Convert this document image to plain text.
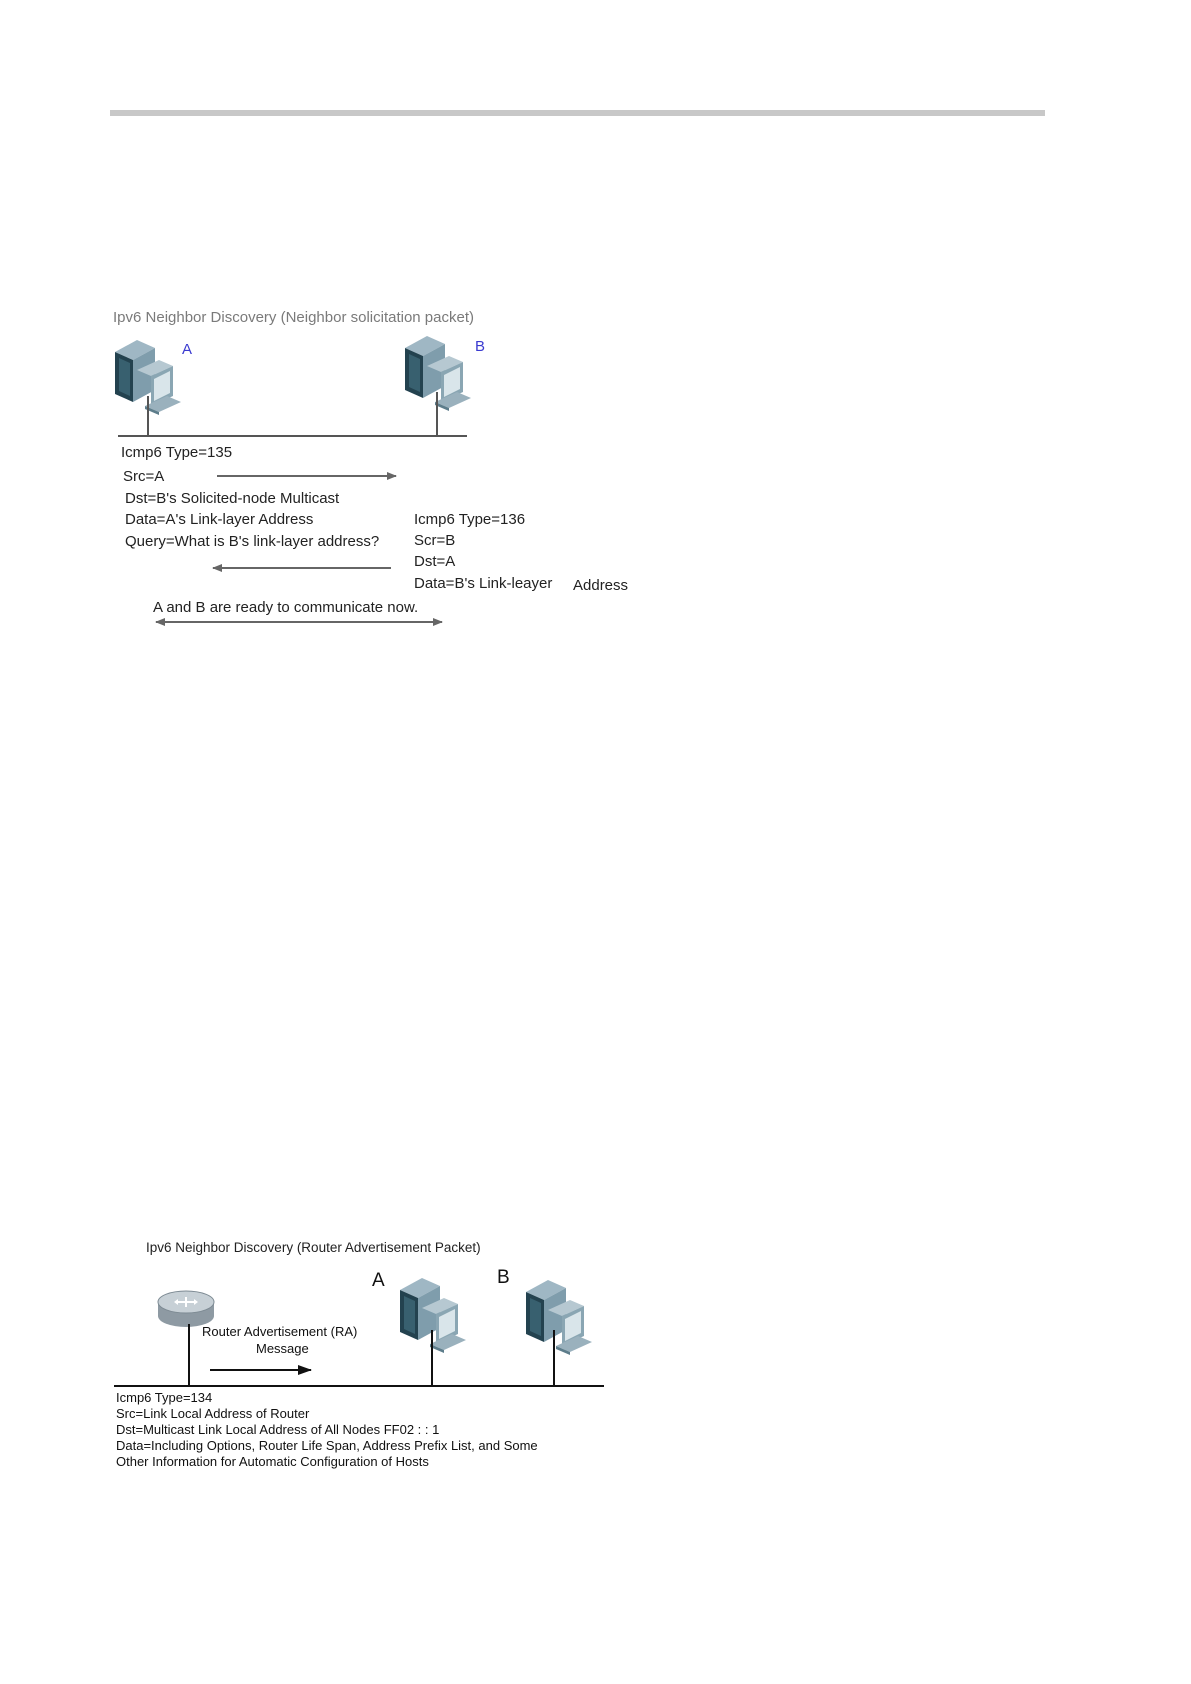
Ipv6 Neighbor Discovery (Neighbor solicitation packet)
A	B
Icmp6 Type=135
Src=A
Dst=B's Solicited-node Multicast
Data=A's Link-layer Address
Query=What is B's link-layer address?
Icmp6 Type=136
Scr=B
Dst=A
Data=B's Link-leayer Address
A and B are ready to communicate now.
Ipv6 Neighbor Discovery (Router Advertisement Packet)
A	B
Router Advertisement (RA)
Message
Icmp6 Type=134
Src=Link Local Address of Router
Dst=Multicast Link Local Address of All Nodes FF02 : : 1
Data=Including Options, Router Life Span, Address Prefix List, and Some
Other Information for Automatic Configuration of Hosts
